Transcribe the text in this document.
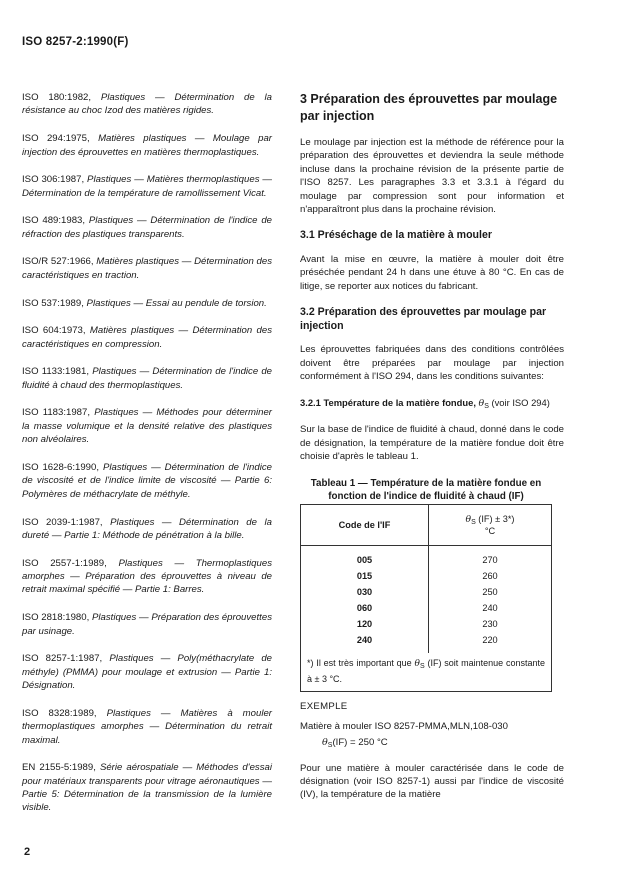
ISO 8257-2:1990(F)

ISO 180:1982, Plastiques — Détermination de la résistance au choc Izod des matières rigides.

ISO 294:1975, Matières plastiques — Moulage par injection des éprouvettes en matières thermoplastiques.

ISO 306:1987, Plastiques — Matières thermoplastiques — Détermination de la température de ramollissement Vicat.

ISO 489:1983, Plastiques — Détermination de l'indice de réfraction des plastiques transparents.

ISO/R 527:1966, Matières plastiques — Détermination des caractéristiques en traction.

ISO 537:1989, Plastiques — Essai au pendule de torsion.

ISO 604:1973, Matières plastiques — Détermination des caractéristiques en compression.

ISO 1133:1981, Plastiques — Détermination de l'indice de fluidité à chaud des thermoplastiques.

ISO 1183:1987, Plastiques — Méthodes pour déterminer la masse volumique et la densité relative des plastiques non alvéolaires.

ISO 1628-6:1990, Plastiques — Détermination de l'indice de viscosité et de l'indice limite de viscosité — Partie 6: Polymères de méthacrylate de méthyle.

ISO 2039-1:1987, Plastiques — Détermination de la dureté — Partie 1: Méthode de pénétration à la bille.

ISO 2557-1:1989, Plastiques — Thermoplastiques amorphes — Préparation des éprouvettes à niveau de retrait maximal spécifié — Partie 1: Barres.

ISO 2818:1980, Plastiques — Préparation des éprouvettes par usinage.

ISO 8257-1:1987, Plastiques — Poly(méthacrylate de méthyle) (PMMA) pour moulage et extrusion — Partie 1: Désignation.

ISO 8328:1989, Plastiques — Matières à mouler thermoplastiques amorphes — Détermination du retrait maximal.

EN 2155-5:1989, Série aérospatiale — Méthodes d'essai pour matériaux transparents pour vitrage aéronautiques — Partie 5: Détermination de la transmission de la lumière visible.

3 Préparation des éprouvettes par moulage par injection

Le moulage par injection est la méthode de référence pour la préparation des éprouvettes et deviendra la seule méthode incluse dans la prochaine révision de la présente partie de l'ISO 8257. Les paragraphes 3.3 et 3.3.1 à l'égard du moulage par compression sont pour information et n'apparaîtront plus dans la prochaine révision.

3.1 Préséchage de la matière à mouler

Avant la mise en œuvre, la matière à mouler doit être préséchée pendant 24 h dans une étuve à 80 °C. En cas de litige, se reporter aux notices du fabricant.

3.2 Préparation des éprouvettes par moulage par injection

Les éprouvettes fabriquées dans des conditions contrôlées doivent être préparées par moulage par injection conformément à l'ISO 294, dans les conditions suivantes:

3.2.1 Température de la matière fondue, $\theta_S$ (voir ISO 294)

Sur la base de l'indice de fluidité à chaud, donné dans le code de désignation, la température de la matière fondue doit être choisie d'après le tableau 1.

Tableau 1 — Température de la matière fondue en fonction de l'indice de fluidité à chaud (IF)
Code de l'IF	$\theta_S$ (IF) ± 3*)
°C
005	270
015	260
030	250
060	240
120	230
240	220
*) Il est très important que $\theta_S$ (IF) soit maintenue constante à ± 3 °C.	
EXEMPLE
Matière à mouler ISO 8257-PMMA,MLN,108-030
$\theta_S(IF) = 250$ °C

Pour une matière à mouler caractérisée dans le code de désignation (voir ISO 8257-1) aussi par l'indice de viscosité (IV), la température de la matière

2
